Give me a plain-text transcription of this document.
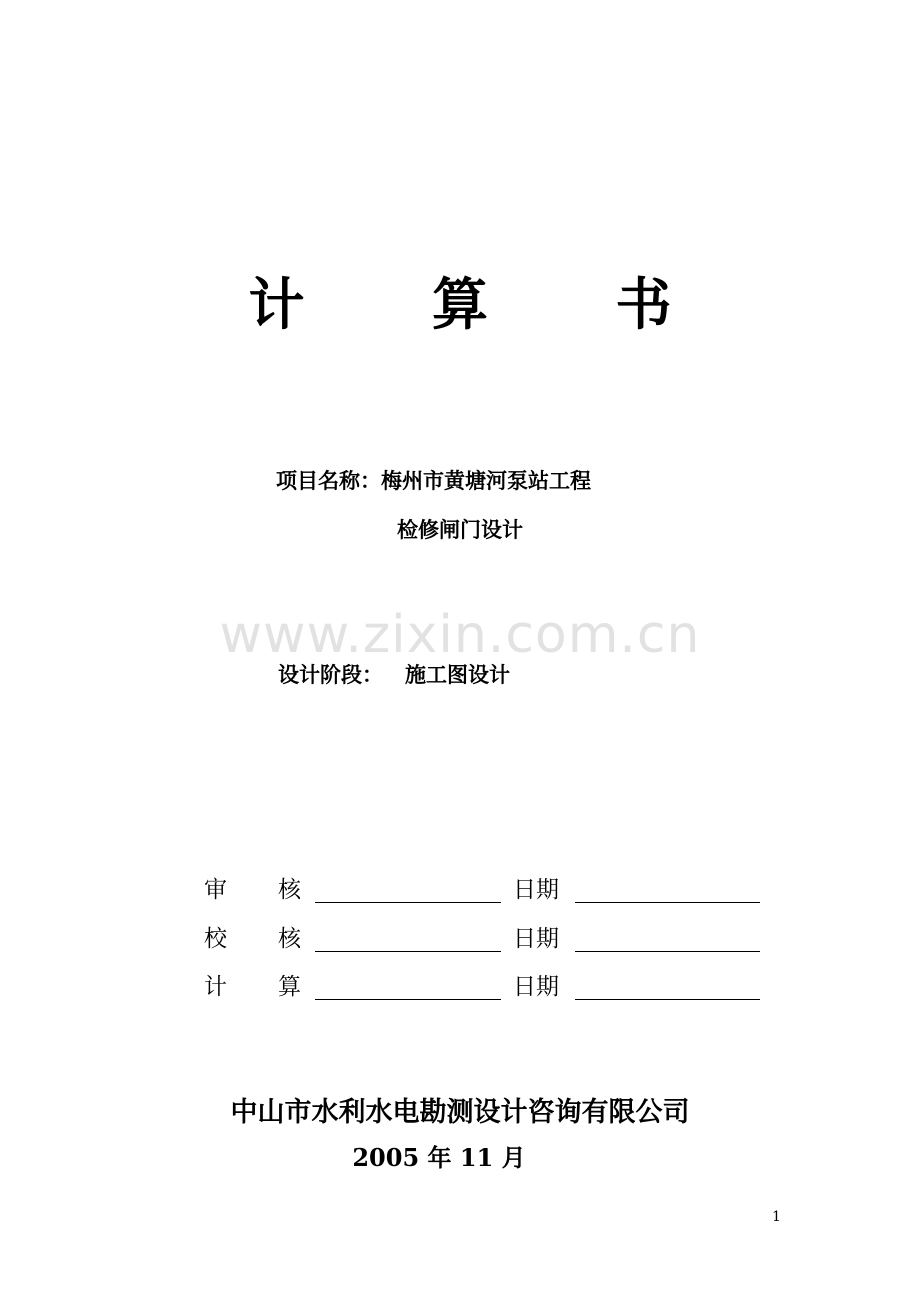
计 算 书
项目名称：梅州市黄塘河泵站工程
检修闸门设计
www.zixin.com.cn
设计阶段： 施工图设计
审 核	日期
校 核	日期
计 算	日期
中山市水利水电勘测设计咨询有限公司
2005 年 11 月
1
